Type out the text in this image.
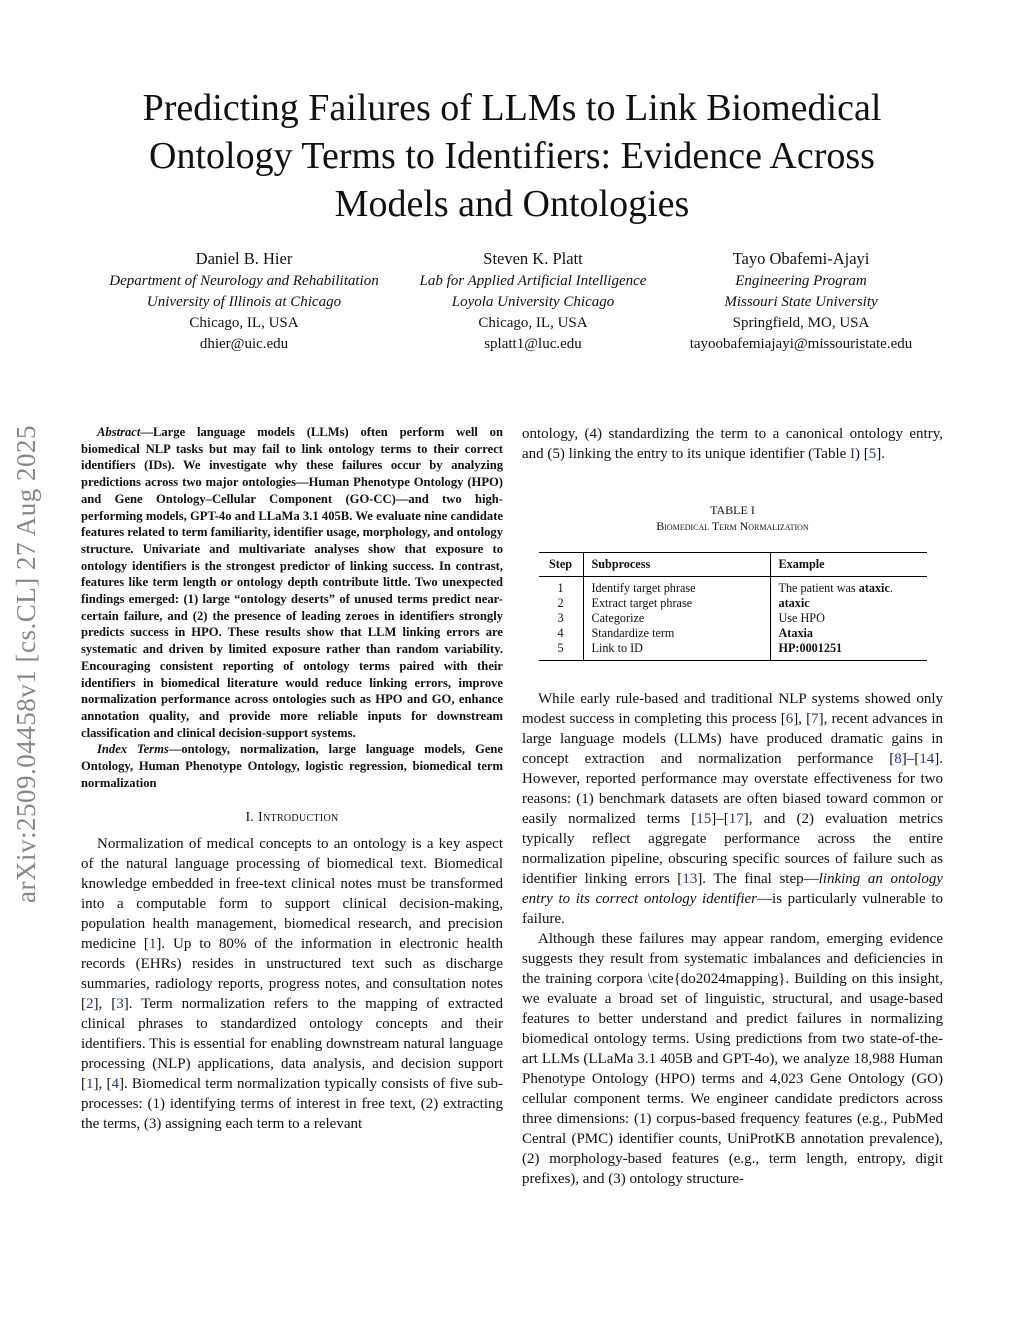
arXiv:2509.04458v1 [cs.CL] 27 Aug 2025
Predicting Failures of LLMs to Link Biomedical Ontology Terms to Identifiers: Evidence Across Models and Ontologies
Daniel B. Hier
Department of Neurology and Rehabilitation
University of Illinois at Chicago
Chicago, IL, USA
dhier@uic.edu
Steven K. Platt
Lab for Applied Artificial Intelligence
Loyola University Chicago
Chicago, IL, USA
splatt1@luc.edu
Tayo Obafemi-Ajayi
Engineering Program
Missouri State University
Springfield, MO, USA
tayoobafemiajayi@missouristate.edu

Abstract—Large language models (LLMs) often perform well on biomedical NLP tasks but may fail to link ontology terms to their correct identifiers (IDs). We investigate why these failures occur by analyzing predictions across two major ontologies—Human Phenotype Ontology (HPO) and Gene Ontology–Cellular Component (GO-CC)—and two high-performing models, GPT-4o and LLaMa 3.1 405B. We evaluate nine candidate features related to term familiarity, identifier usage, morphology, and ontology structure. Univariate and multivariate analyses show that exposure to ontology identifiers is the strongest predictor of linking success. In contrast, features like term length or ontology depth contribute little. Two unexpected findings emerged: (1) large “ontology deserts” of unused terms predict near-certain failure, and (2) the presence of leading zeroes in identifiers strongly predicts success in HPO. These results show that LLM linking errors are systematic and driven by limited exposure rather than random variability. Encouraging consistent reporting of ontology terms paired with their identifiers in biomedical literature would reduce linking errors, improve normalization performance across ontologies such as HPO and GO, enhance annotation quality, and provide more reliable inputs for downstream classification and clinical decision-support systems.

Index Terms—ontology, normalization, large language models, Gene Ontology, Human Phenotype Ontology, logistic regression, biomedical term normalization

I. Introduction

Normalization of medical concepts to an ontology is a key aspect of the natural language processing of biomedical text. Biomedical knowledge embedded in free-text clinical notes must be transformed into a computable form to support clinical decision-making, population health management, biomedical research, and precision medicine [1]. Up to 80% of the information in electronic health records (EHRs) resides in unstructured text such as discharge summaries, radiology reports, progress notes, and consultation notes [2], [3]. Term normalization refers to the mapping of extracted clinical phrases to standardized ontology concepts and their identifiers. This is essential for enabling downstream natural language processing (NLP) applications, data analysis, and decision support [1], [4]. Biomedical term normalization typically consists of five sub-processes: (1) identifying terms of interest in free text, (2) extracting the terms, (3) assigning each term to a relevant

ontology, (4) standardizing the term to a canonical ontology entry, and (5) linking the entry to its unique identifier (Table I) [5].

TABLE I
Biomedical Term Normalization
Step	Subprocess	Example
1	Identify target phrase	The patient was ataxic.
2	Extract target phrase	ataxic
3	Categorize	Use HPO
4	Standardize term	Ataxia
5	Link to ID	HP:0001251

While early rule-based and traditional NLP systems showed only modest success in completing this process [6], [7], recent advances in large language models (LLMs) have produced dramatic gains in concept extraction and normalization performance [8]–[14]. However, reported performance may overstate effectiveness for two reasons: (1) benchmark datasets are often biased toward common or easily normalized terms [15]–[17], and (2) evaluation metrics typically reflect aggregate performance across the entire normalization pipeline, obscuring specific sources of failure such as identifier linking errors [13]. The final step—linking an ontology entry to its correct ontology identifier—is particularly vulnerable to failure.

Although these failures may appear random, emerging evidence suggests they result from systematic imbalances and deficiencies in the training corpora \cite{do2024mapping}. Building on this insight, we evaluate a broad set of linguistic, structural, and usage-based features to better understand and predict failures in normalizing biomedical ontology terms. Using predictions from two state-of-the-art LLMs (LLaMa 3.1 405B and GPT-4o), we analyze 18,988 Human Phenotype Ontology (HPO) terms and 4,023 Gene Ontology (GO) cellular component terms. We engineer candidate predictors across three dimensions: (1) corpus-based frequency features (e.g., PubMed Central (PMC) identifier counts, UniProtKB annotation prevalence), (2) morphology-based features (e.g., term length, entropy, digit prefixes), and (3) ontology structure-
